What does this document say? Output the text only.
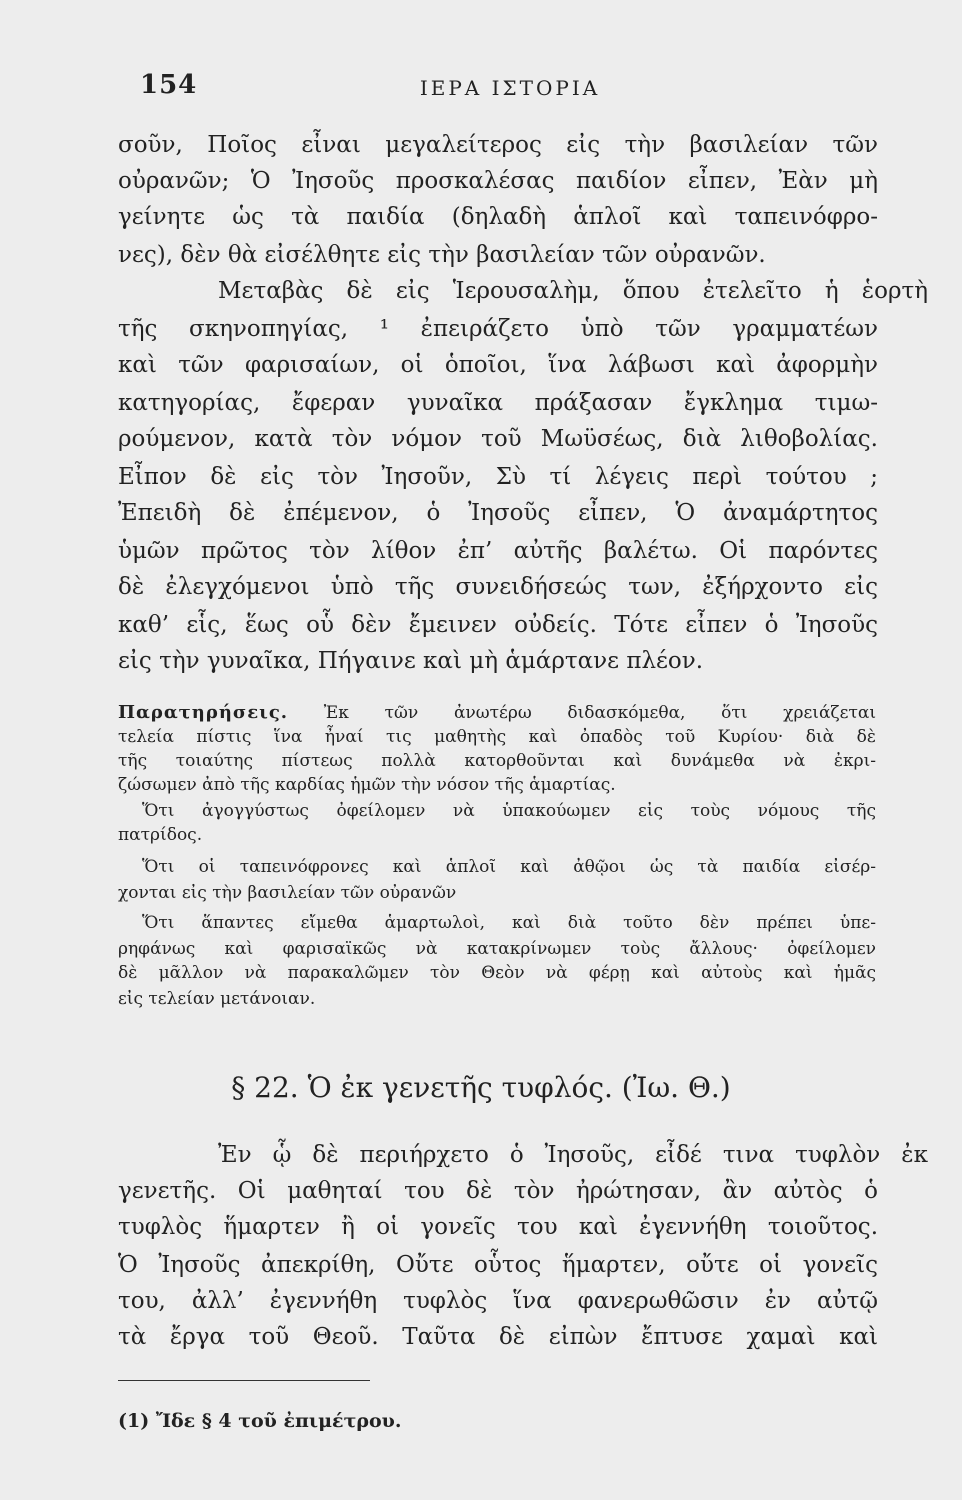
154	ΙΕΡΑ ΙΣΤΟΡΙΑ
σοῦν, Ποῖος εἶναι μεγαλείτερος εἰς τὴν βασιλείαν τῶν
οὐρανῶν; Ὁ Ἰησοῦς προσκαλέσας παιδίον εἶπεν, Ἐὰν μὴ
γείνητε ὡς τὰ παιδία (δηλαδὴ ἁπλοῖ καὶ ταπεινόφρο-
νες), δὲν θὰ εἰσέλθητε εἰς τὴν βασιλείαν τῶν οὐρανῶν.
Μεταβὰς δὲ εἰς Ἱερουσαλὴμ, ὅπου ἐτελεῖτο ἡ ἑορτὴ
τῆς σκηνοπηγίας, ¹ ἐπειράζετο ὑπὸ τῶν γραμματέων
καὶ τῶν φαρισαίων, οἱ ὁποῖοι, ἵνα λάβωσι καὶ ἀφορμὴν
κατηγορίας, ἔφεραν γυναῖκα πράξασαν ἔγκλημα τιμω-
ρούμενον, κατὰ τὸν νόμον τοῦ Μωϋσέως, διὰ λιθοβολίας.
Εἶπον δὲ εἰς τὸν Ἰησοῦν, Σὺ τί λέγεις περὶ τούτου ;
Ἐπειδὴ δὲ ἐπέμενον, ὁ Ἰησοῦς εἶπεν, Ὁ ἀναμάρτητος
ὑμῶν πρῶτος τὸν λίθον ἐπ’ αὐτῆς βαλέτω. Οἱ παρόντες
δὲ ἐλεγχόμενοι ὑπὸ τῆς συνειδήσεώς των, ἐξήρχοντο εἰς
καθ’ εἷς, ἕως οὗ δὲν ἔμεινεν οὐδείς. Τότε εἶπεν ὁ Ἰησοῦς
εἰς τὴν γυναῖκα, Πήγαινε καὶ μὴ ἁμάρτανε πλέον.
Παρατηρήσεις. Ἐκ τῶν ἀνωτέρω διδασκόμεθα, ὅτι χρειάζεται
τελεία πίστις ἵνα ἦναί τις μαθητὴς καὶ ὀπαδὸς τοῦ Κυρίου· διὰ δὲ
τῆς τοιαύτης πίστεως πολλὰ κατορθοῦνται καὶ δυνάμεθα νὰ ἐκρι-
ζώσωμεν ἀπὸ τῆς καρδίας ἡμῶν τὴν νόσον τῆς ἁμαρτίας.
Ὅτι ἀγογγύστως ὀφείλομεν νὰ ὑπακούωμεν εἰς τοὺς νόμους τῆς
πατρίδος.
Ὅτι οἱ ταπεινόφρονες καὶ ἁπλοῖ καὶ ἀθῷοι ὡς τὰ παιδία εἰσέρ-
χονται εἰς τὴν βασιλείαν τῶν οὐρανῶν
Ὅτι ἅπαντες εἴμεθα ἁμαρτωλοὶ, καὶ διὰ τοῦτο δὲν πρέπει ὑπε-
ρηφάνως καὶ φαρισαϊκῶς νὰ κατακρίνωμεν τοὺς ἄλλους· ὀφείλομεν
δὲ μᾶλλον νὰ παρακαλῶμεν τὸν Θεὸν νὰ φέρῃ καὶ αὐτοὺς καὶ ἡμᾶς
εἰς τελείαν μετάνοιαν.
§ 22. Ὁ ἐκ γενετῆς τυφλός. (Ἰω. Θ.)
Ἐν ᾧ δὲ περιήρχετο ὁ Ἰησοῦς, εἶδέ τινα τυφλὸν ἐκ
γενετῆς. Οἱ μαθηταί του δὲ τὸν ἠρώτησαν, ἂν αὐτὸς ὁ
τυφλὸς ἥμαρτεν ἢ οἱ γονεῖς του καὶ ἐγεννήθη τοιοῦτος.
Ὁ Ἰησοῦς ἀπεκρίθη, Οὔτε οὗτος ἥμαρτεν, οὔτε οἱ γονεῖς
του, ἀλλ’ ἐγεννήθη τυφλὸς ἵνα φανερωθῶσιν ἐν αὐτῷ
τὰ ἔργα τοῦ Θεοῦ. Ταῦτα δὲ εἰπὼν ἔπτυσε χαμαὶ καὶ
(1) Ἴδε § 4 τοῦ ἐπιμέτρου.
